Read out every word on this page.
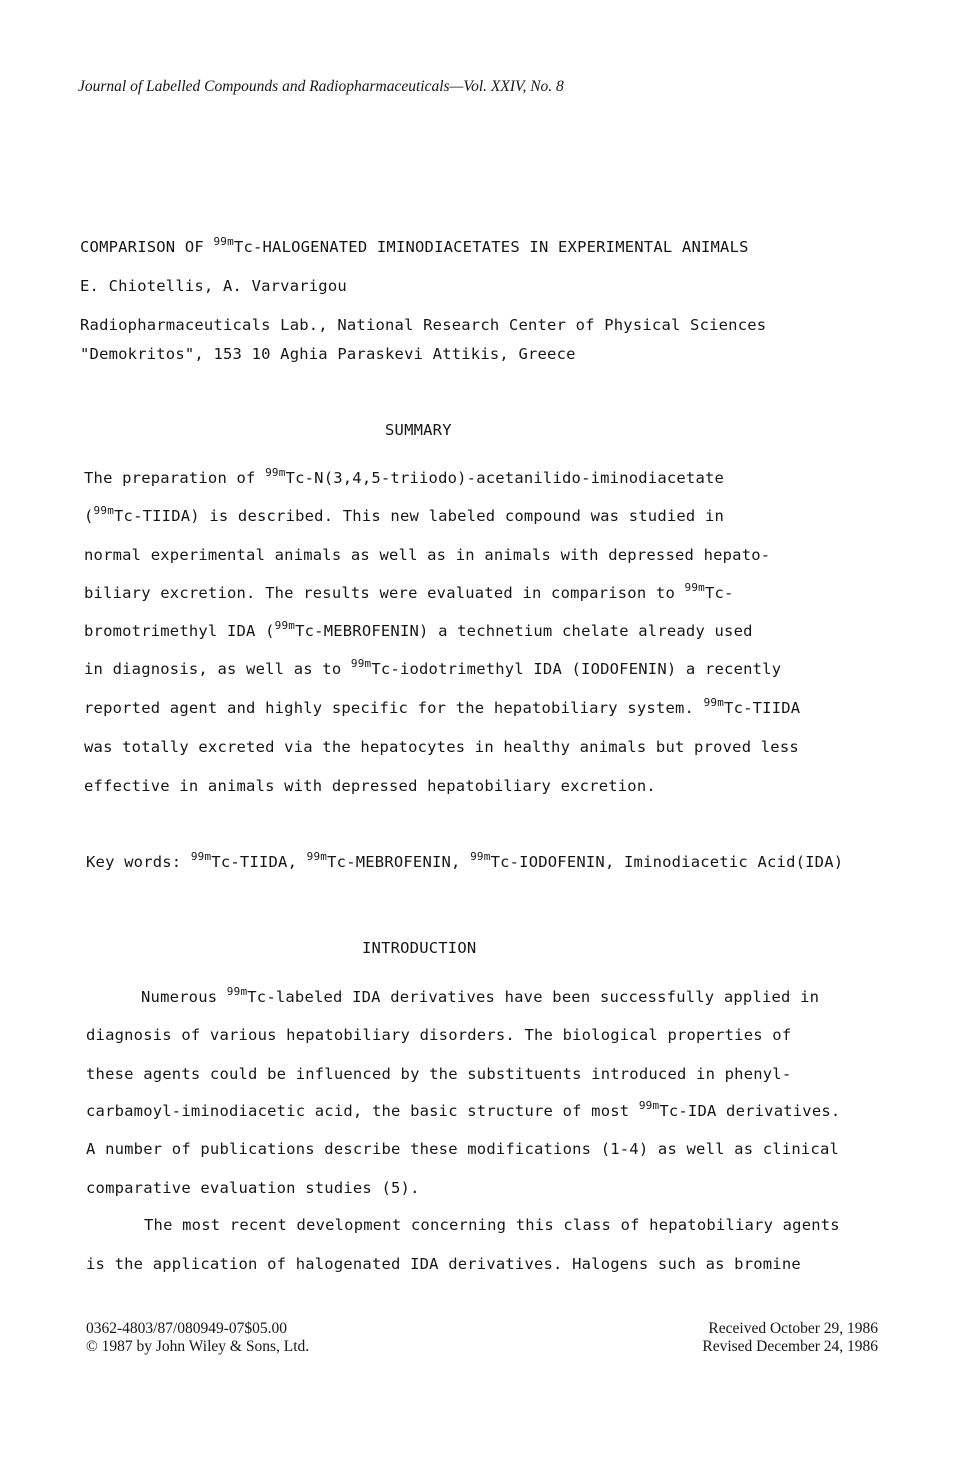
Journal of Labelled Compounds and Radiopharmaceuticals—Vol. XXIV, No. 8
COMPARISON OF $^{99m}$Tc-HALOGENATED IMINODIACETATES IN EXPERIMENTAL ANIMALS
E. Chiotellis, A. Varvarigou
Radiopharmaceuticals Lab., National Research Center of Physical Sciences
"Demokritos", 153 10 Aghia Paraskevi Attikis, Greece
SUMMARY
The preparation of $^{99m}$Tc-N(3,4,5-triiodo)-acetanilido-iminodiacetate
($^{99m}$Tc-TIIDA) is described. This new labeled compound was studied in
normal experimental animals as well as in animals with depressed hepato-
biliary excretion. The results were evaluated in comparison to $^{99m}$Tc-
bromotrimethyl IDA ($^{99m}$Tc-MEBROFENIN) a technetium chelate already used
in diagnosis, as well as to $^{99m}$Tc-iodotrimethyl IDA (IODOFENIN) a recently
reported agent and highly specific for the hepatobiliary system. $^{99m}$Tc-TIIDA
was totally excreted via the hepatocytes in healthy animals but proved less
effective in animals with depressed hepatobiliary excretion.
Key words: $^{99m}$Tc-TIIDA, $^{99m}$Tc-MEBROFENIN, $^{99m}$Tc-IODOFENIN, Iminodiacetic Acid(IDA)
INTRODUCTION
Numerous $^{99m}$Tc-labeled IDA derivatives have been successfully applied in
diagnosis of various hepatobiliary disorders. The biological properties of
these agents could be influenced by the substituents introduced in phenyl-
carbamoyl-iminodiacetic acid, the basic structure of most $^{99m}$Tc-IDA derivatives.
A number of publications describe these modifications (1-4) as well as clinical
comparative evaluation studies (5).
The most recent development concerning this class of hepatobiliary agents
is the application of halogenated IDA derivatives. Halogens such as bromine
0362-4803/87/080949-07$05.00
© 1987 by John Wiley & Sons, Ltd.
Received October 29, 1986
Revised December 24, 1986
